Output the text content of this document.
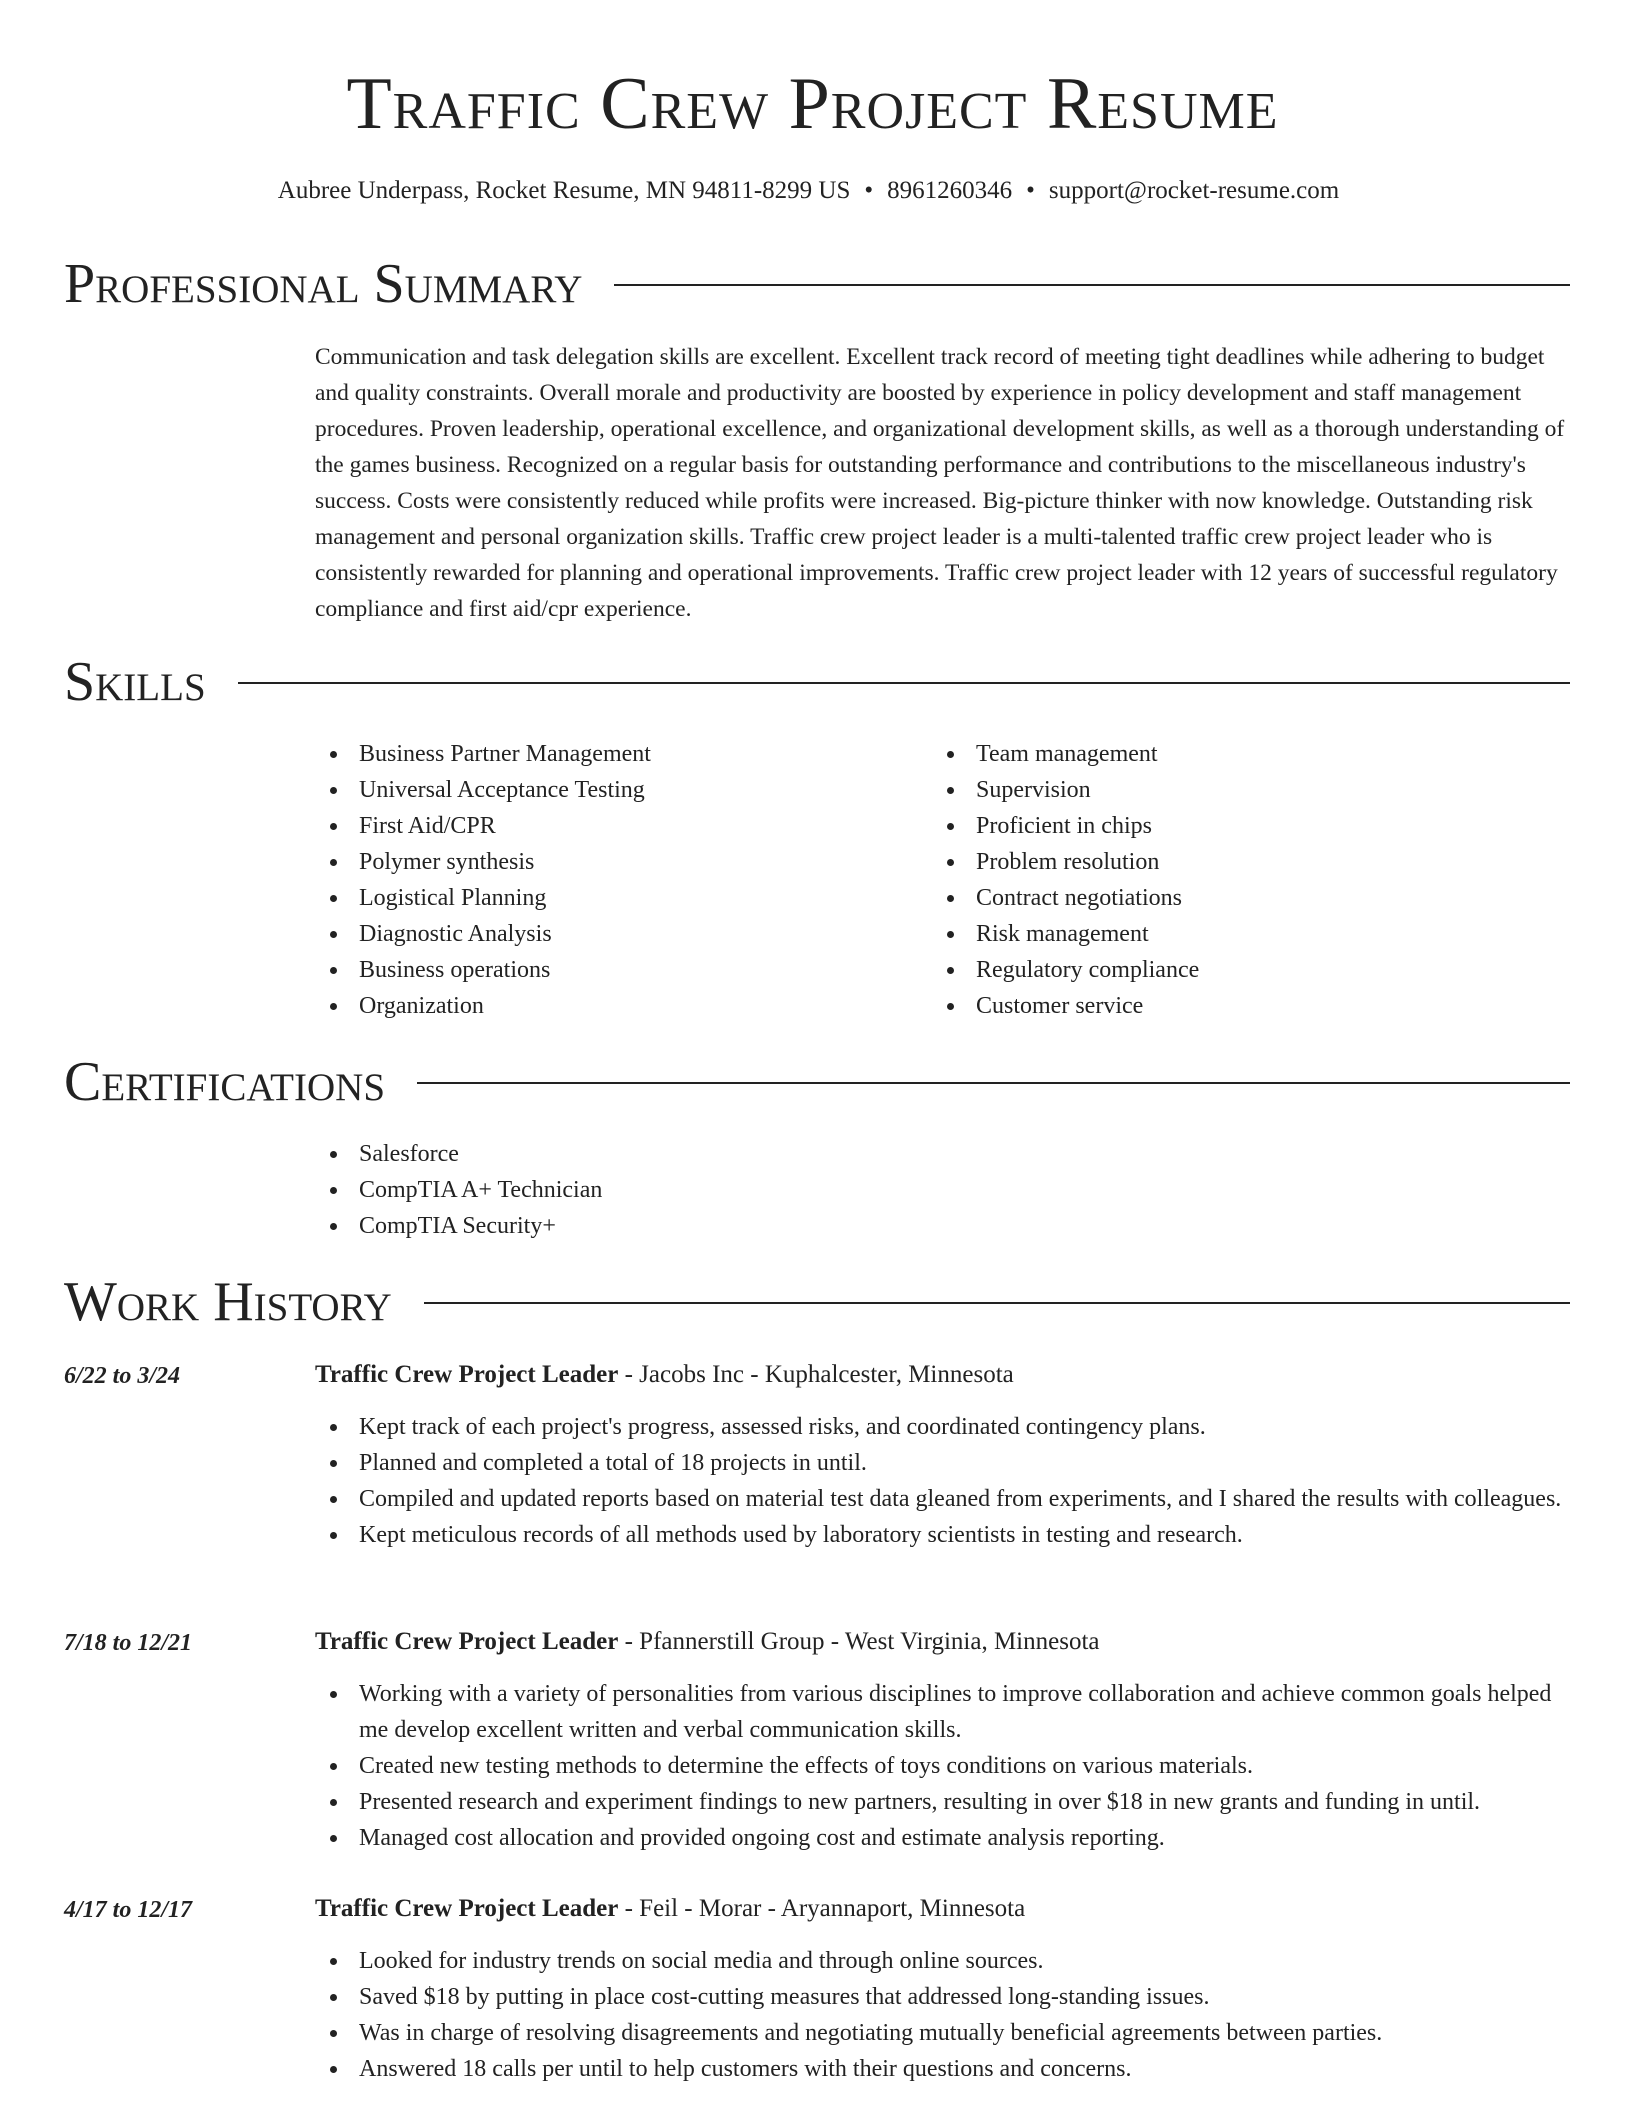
Traffic Crew Project Resume
Aubree Underpass, Rocket Resume, MN 94811-8299 US • 8961260346 • support@rocket-resume.com
Professional Summary

Communication and task delegation skills are excellent. Excellent track record of meeting tight deadlines while adhering to budget and quality constraints. Overall morale and productivity are boosted by experience in policy development and staff management procedures. Proven leadership, operational excellence, and organizational development skills, as well as a thorough understanding of the games business. Recognized on a regular basis for outstanding performance and contributions to the miscellaneous industry's success. Costs were consistently reduced while profits were increased. Big-picture thinker with now knowledge. Outstanding risk management and personal organization skills. Traffic crew project leader is a multi-talented traffic crew project leader who is consistently rewarded for planning and operational improvements. Traffic crew project leader with 12 years of successful regulatory compliance and first aid/cpr experience.

Skills
Business Partner Management
Universal Acceptance Testing
First Aid/CPR
Polymer synthesis
Logistical Planning
Diagnostic Analysis
Business operations
Organization
Team management
Supervision
Proficient in chips
Problem resolution
Contract negotiations
Risk management
Regulatory compliance
Customer service
Certifications
Salesforce
CompTIA A+ Technician
CompTIA Security+
Work History
6/22 to 3/24	Traffic Crew Project Leader - Jacobs Inc - Kuphalcester, Minnesota
Kept track of each project's progress, assessed risks, and coordinated contingency plans.
Planned and completed a total of 18 projects in until.
Compiled and updated reports based on material test data gleaned from experiments, and I shared the results with colleagues.
Kept meticulous records of all methods used by laboratory scientists in testing and research.
7/18 to 12/21	Traffic Crew Project Leader - Pfannerstill Group - West Virginia, Minnesota
Working with a variety of personalities from various disciplines to improve collaboration and achieve common goals helped me develop excellent written and verbal communication skills.
Created new testing methods to determine the effects of toys conditions on various materials.
Presented research and experiment findings to new partners, resulting in over $18 in new grants and funding in until.
Managed cost allocation and provided ongoing cost and estimate analysis reporting.
4/17 to 12/17	Traffic Crew Project Leader - Feil - Morar - Aryannaport, Minnesota
Looked for industry trends on social media and through online sources.
Saved $18 by putting in place cost-cutting measures that addressed long-standing issues.
Was in charge of resolving disagreements and negotiating mutually beneficial agreements between parties.
Answered 18 calls per until to help customers with their questions and concerns.
